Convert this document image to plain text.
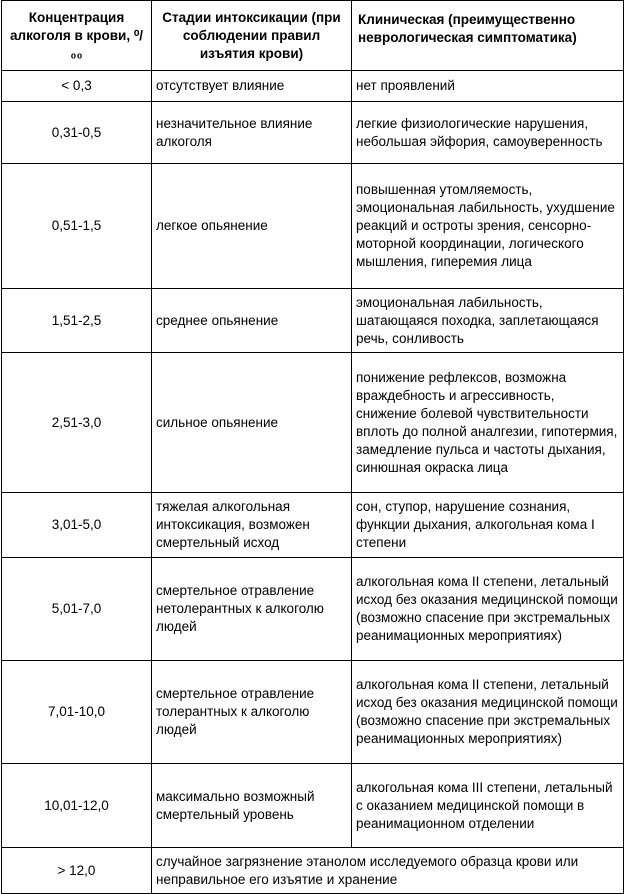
Концентрация алкоголя в крови, ⁰/₀₀	Стадии интоксикации (при соблюдении правил изъятия крови)	Клиническая (преимущественно неврологическая симптоматика)
< 0,3	отсутствует влияние	нет проявлений
0,31-0,5	незначительное влияние алкоголя	легкие физиологические нарушения, небольшая эйфория, самоуверенность
0,51-1,5	легкое опьянение	повышенная утомляемость, эмоциональная лабильность, ухудшение реакций и остроты зрения, сенсорно-моторной координации, логического мышления, гиперемия лица
1,51-2,5	среднее опьянение	эмоциональная лабильность, шатающаяся походка, заплетающаяся речь, сонливость
2,51-3,0	сильное опьянение	понижение рефлексов, возможна враждебность и агрессивность, снижение болевой чувствительности вплоть до полной аналгезии, гипотермия, замедление пульса и частоты дыхания, синюшная окраска лица
3,01-5,0	тяжелая алкогольная интоксикация, возможен смертельный исход	сон, ступор, нарушение сознания, функции дыхания, алкогольная кома I степени
5,01-7,0	смертельное отравление нетолерантных к алкоголю людей	алкогольная кома II степени, летальный исход без оказания медицинской помощи (возможно спасение при экстремальных реанимационных мероприятиях)
7,01-10,0	смертельное отравление толерантных к алкоголю людей	алкогольная кома II степени, летальный исход без оказания медицинской помощи (возможно спасение при экстремальных реанимационных мероприятиях)
10,01-12,0	максимально возможный смертельный уровень	алкогольная кома III степени, летальный с оказанием медицинской помощи в реанимационном отделении
> 12,0	случайное загрязнение этанолом исследуемого образца крови или неправильное его изъятие и хранение	
